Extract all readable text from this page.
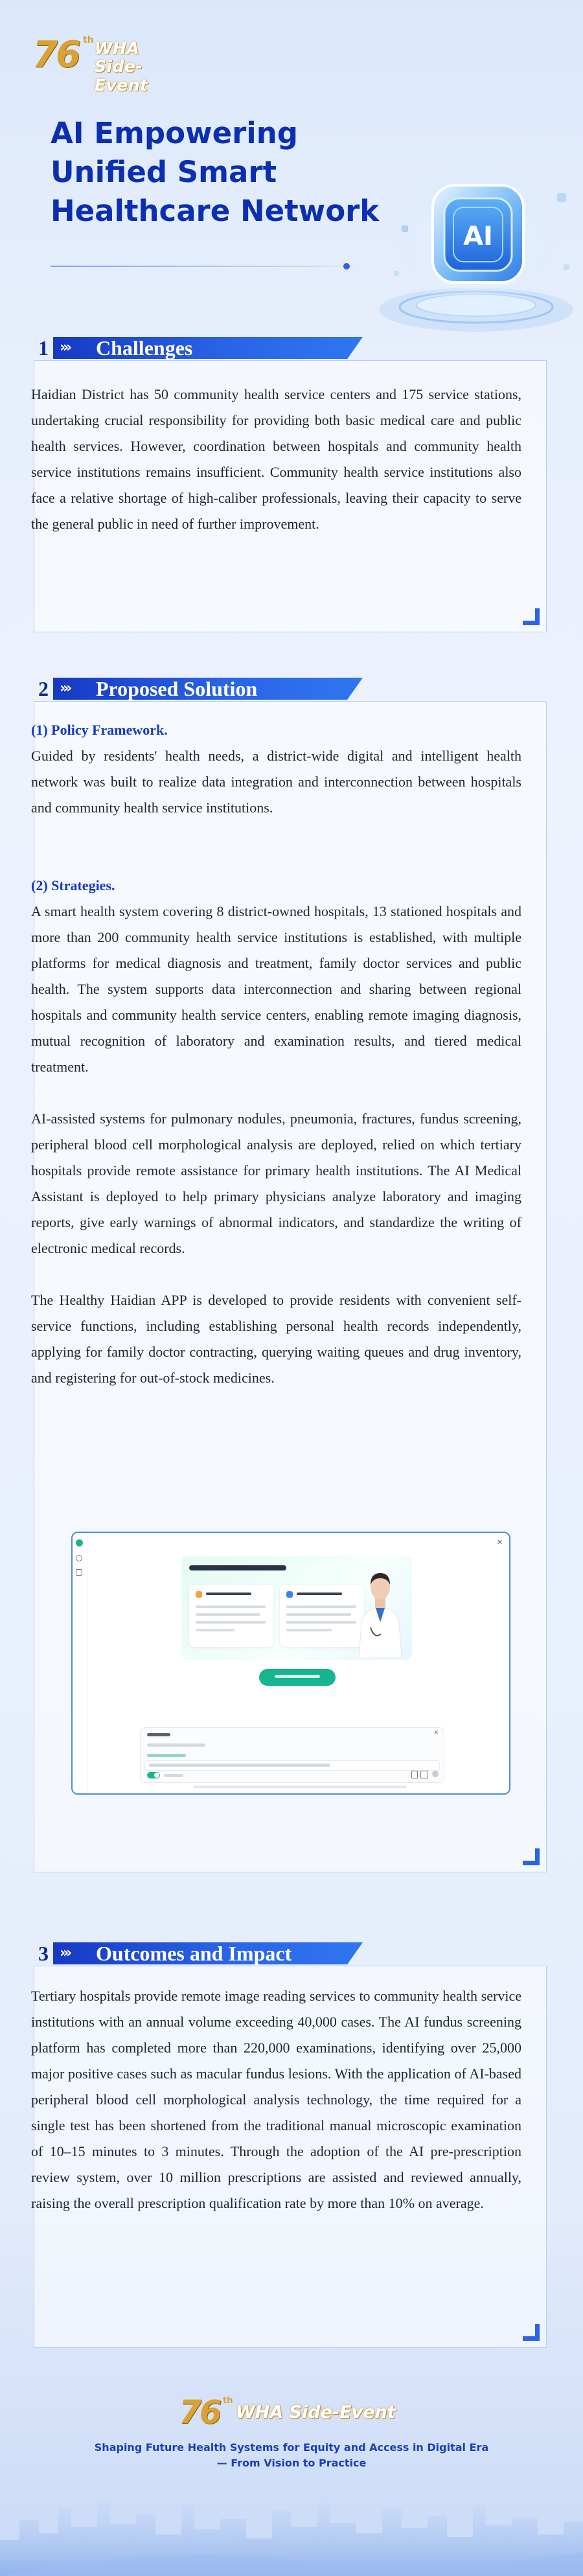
76 th WHA
Side-Event
AI Empowering Unified Smart Healthcare Network
AI
1 ››› Challenges

Haidian District has 50 community health service centers and 175 service stations, undertaking crucial responsibility for providing both basic medical care and public health services. However, coordination between hospitals and community health service institutions remains insufficient. Community health service institutions also face a relative shortage of high-caliber professionals, leaving their capacity to serve the general public in need of further improvement.

2 ››› Proposed Solution

(1) Policy Framework.

Guided by residents' health needs, a district-wide digital and intelligent health network was built to realize data integration and interconnection between hospitals and community health service institutions.

(2) Strategies.

A smart health system covering 8 district-owned hospitals, 13 stationed hospitals and more than 200 community health service institutions is established, with multiple platforms for medical diagnosis and treatment, family doctor services and public health. The system supports data interconnection and sharing between regional hospitals and community health service centers, enabling remote imaging diagnosis, mutual recognition of laboratory and examination results, and tiered medical treatment.

AI-assisted systems for pulmonary nodules, pneumonia, fractures, fundus screening, peripheral blood cell morphological analysis are deployed, relied on which tertiary hospitals provide remote assistance for primary health institutions. The AI Medical Assistant is deployed to help primary physicians analyze laboratory and imaging reports, give early warnings of abnormal indicators, and standardize the writing of electronic medical records.

The Healthy Haidian APP is developed to provide residents with convenient self-service functions, including establishing personal health records independently, applying for family doctor contracting, querying waiting queues and drug inventory, and registering for out-of-stock medicines.

✕
✕
3 ››› Outcomes and Impact

Tertiary hospitals provide remote image reading services to community health service institutions with an annual volume exceeding 40,000 cases. The AI fundus screening platform has completed more than 220,000 examinations, identifying over 25,000 major positive cases such as macular fundus lesions. With the application of AI-based peripheral blood cell morphological analysis technology, the time required for a single test has been shortened from the traditional manual microscopic examination of 10–15 minutes to 3 minutes. Through the adoption of the AI pre-prescription review system, over 10 million prescriptions are assisted and reviewed annually, raising the overall prescription qualification rate by more than 10% on average.

76 th
WHA Side-Event

Shaping Future Health Systems for Equity and Access in Digital Era

— From Vision to Practice
